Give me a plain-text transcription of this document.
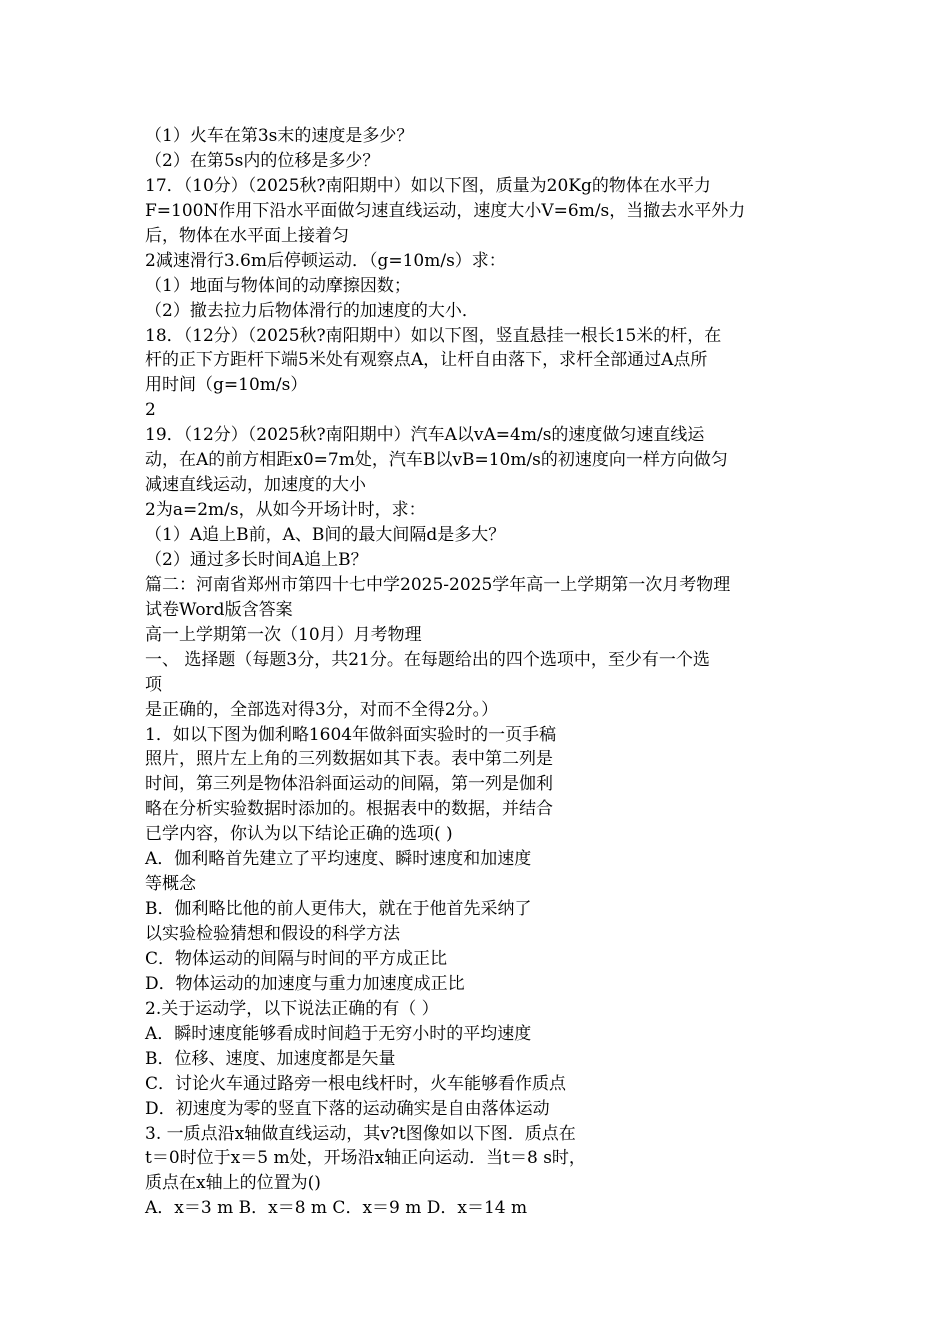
（1）火车在第3s末的速度是多少？
（2）在第5s内的位移是多少？
17．（10分）（2025秋?南阳期中）如以下图，质量为20Kg的物体在水平力
F=100N作用下沿水平面做匀速直线运动，速度大小V=6m/s，当撤去水平外力
后，物体在水平面上接着匀
2减速滑行3.6m后停顿运动．（g=10m/s）求：
（1）地面与物体间的动摩擦因数；
（2）撤去拉力后物体滑行的加速度的大小．
18．（12分）（2025秋?南阳期中）如以下图，竖直悬挂一根长15米的杆，在
杆的正下方距杆下端5米处有观察点A，让杆自由落下，求杆全部通过A点所
用时间（g=10m/s）
2
19．（12分）（2025秋?南阳期中）汽车A以vA=4m/s的速度做匀速直线运
动，在A的前方相距x0=7m处，汽车B以vB=10m/s的初速度向一样方向做匀
减速直线运动，加速度的大小
2为a=2m/s，从如今开场计时，求：
（1）A追上B前，A、B间的最大间隔d是多大？
（2）通过多长时间A追上B？
篇二：河南省郑州市第四十七中学2025-2025学年高一上学期第一次月考物理
试卷Word版含答案
高一上学期第一次（10月）月考物理
一、 选择题（每题3分，共21分。在每题给出的四个选项中，至少有一个选
项
是正确的，全部选对得3分，对而不全得2分。）
1．如以下图为伽利略1604年做斜面实验时的一页手稿
照片，照片左上角的三列数据如其下表。表中第二列是
时间，第三列是物体沿斜面运动的间隔，第一列是伽利
略在分析实验数据时添加的。根据表中的数据，并结合
已学内容，你认为以下结论正确的选项( )
A．伽利略首先建立了平均速度、瞬时速度和加速度
等概念
B．伽利略比他的前人更伟大，就在于他首先采纳了
以实验检验猜想和假设的科学方法
C．物体运动的间隔与时间的平方成正比
D．物体运动的加速度与重力加速度成正比
2.关于运动学，以下说法正确的有（ ）
A．瞬时速度能够看成时间趋于无穷小时的平均速度
B．位移、速度、加速度都是矢量
C．讨论火车通过路旁一根电线杆时，火车能够看作质点
D．初速度为零的竖直下落的运动确实是自由落体运动
3. 一质点沿x轴做直线运动，其v?t图像如以下图．质点在
t＝0时位于x＝5 m处，开场沿x轴正向运动．当t＝8 s时，
质点在x轴上的位置为()
A．x＝3 m B．x＝8 m C．x＝9 m D．x＝14 m
